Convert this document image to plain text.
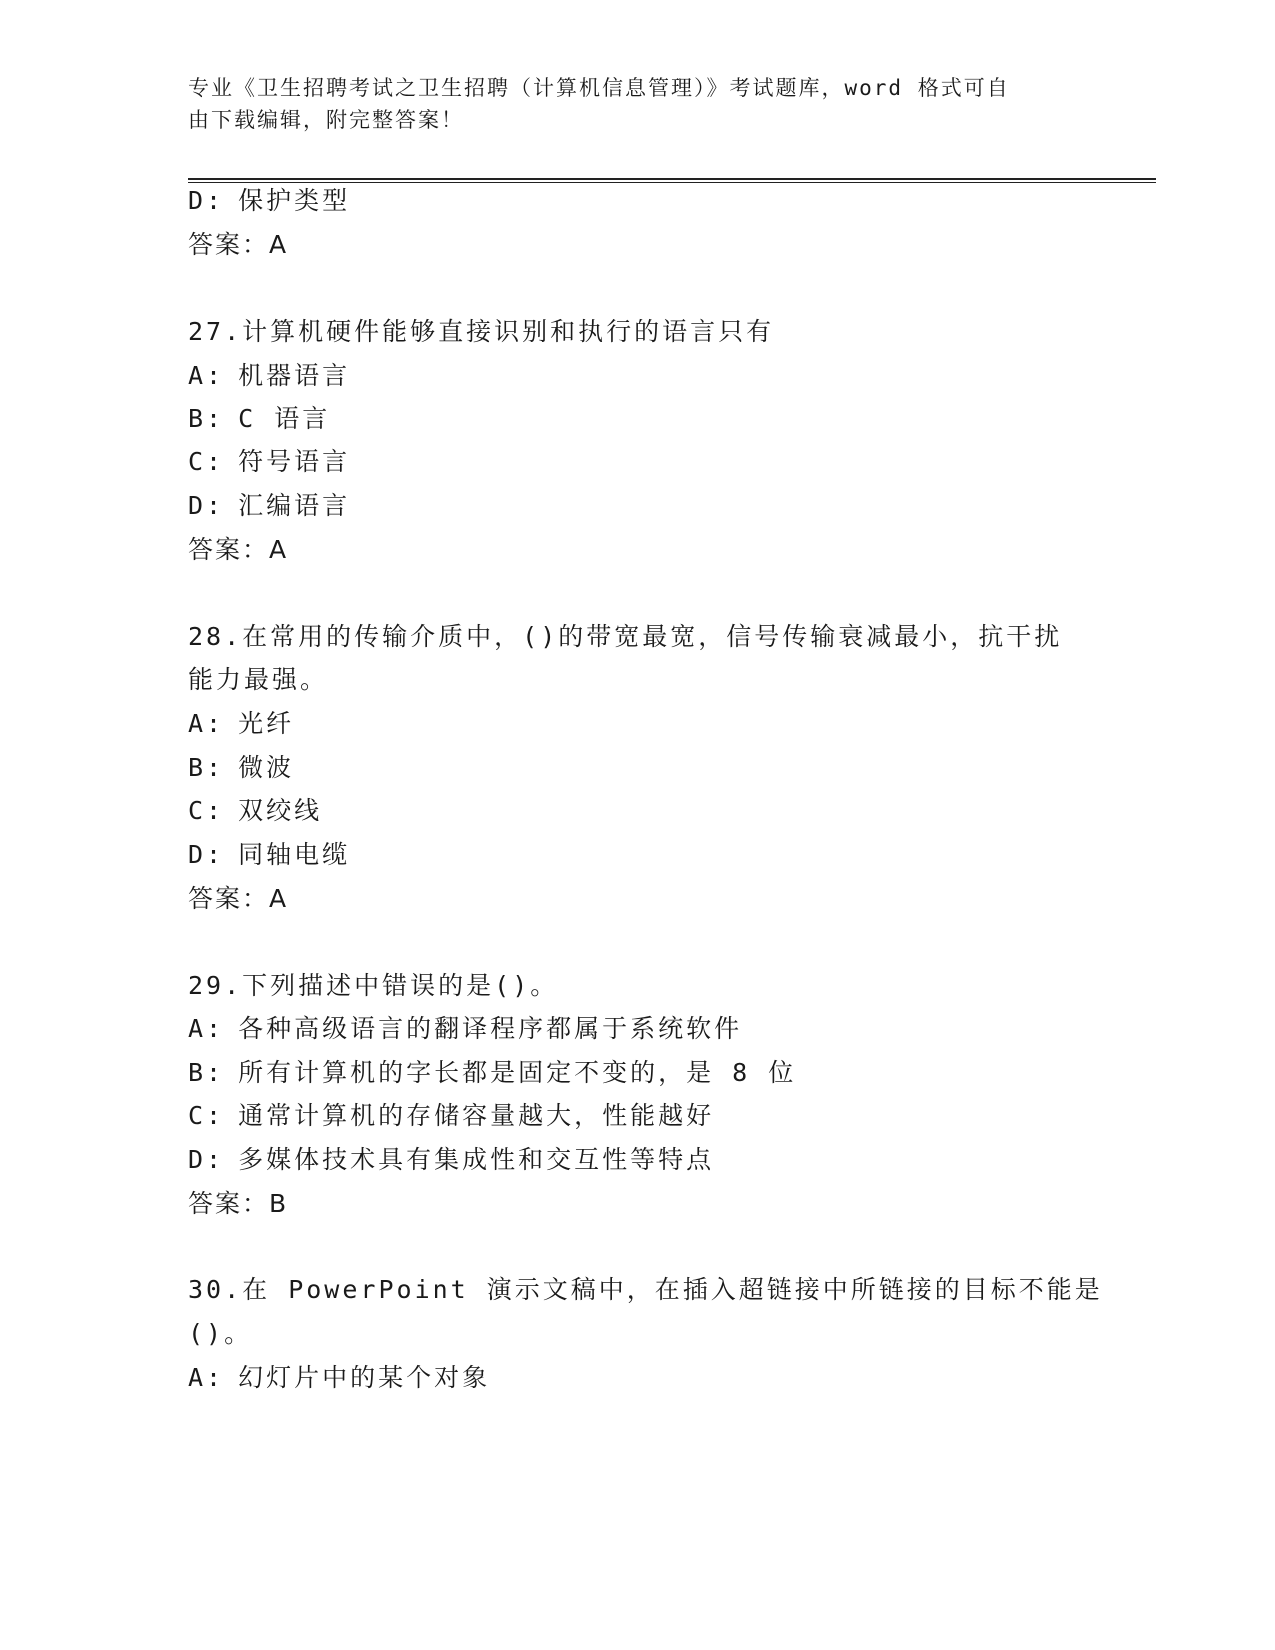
专业《卫生招聘考试之卫生招聘（计算机信息管理）》考试题库，word 格式可自
由下载编辑，附完整答案！
D: 保护类型
答案：A
27.计算机硬件能够直接识别和执行的语言只有
A: 机器语言
B: C 语言
C: 符号语言
D: 汇编语言
答案：A
28.在常用的传输介质中，()的带宽最宽，信号传输衰减最小，抗干扰
能力最强。
A: 光纤
B: 微波
C: 双绞线
D: 同轴电缆
答案：A
29.下列描述中错误的是()。
A: 各种高级语言的翻译程序都属于系统软件
B: 所有计算机的字长都是固定不变的，是 8 位
C: 通常计算机的存储容量越大，性能越好
D: 多媒体技术具有集成性和交互性等特点
答案：B
30.在 PowerPoint 演示文稿中，在插入超链接中所链接的目标不能是
()。
A: 幻灯片中的某个对象
